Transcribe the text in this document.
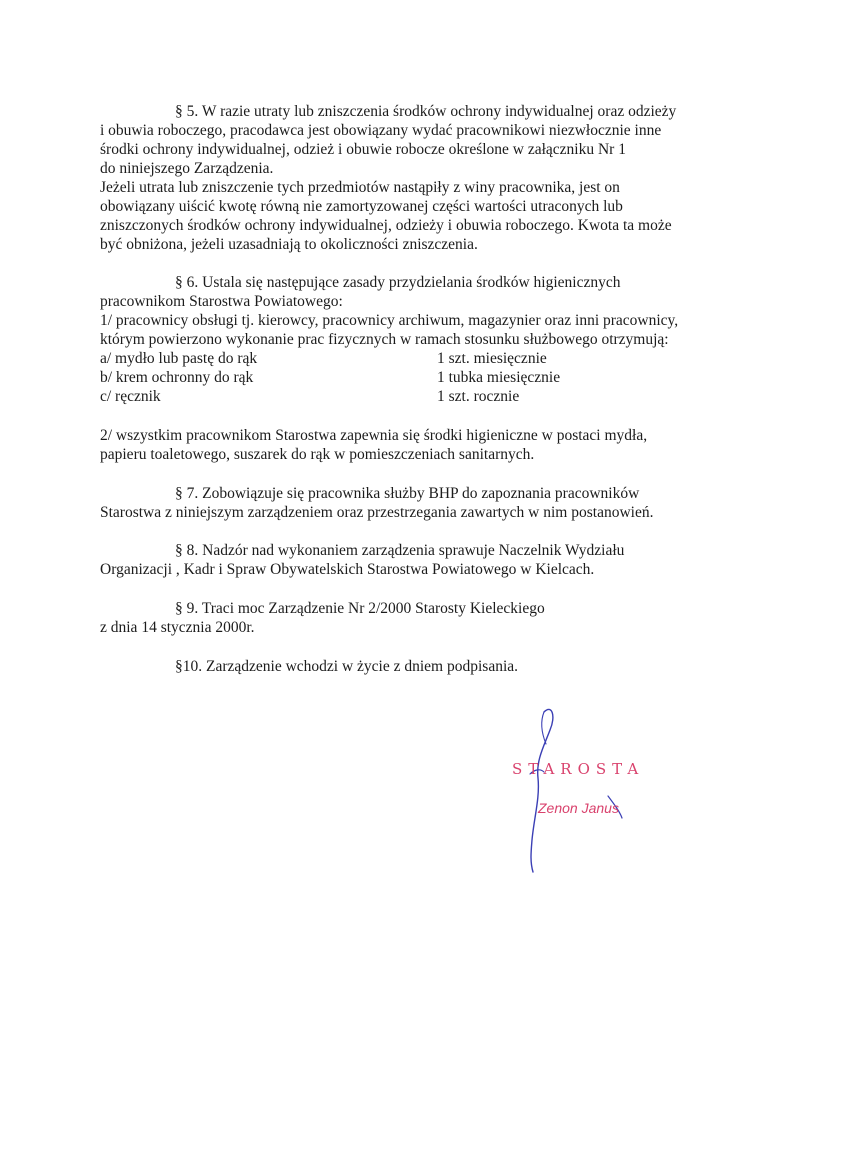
§ 5. W razie utraty lub zniszczenia środków ochrony indywidualnej oraz odzieży
i obuwia roboczego, pracodawca jest obowiązany wydać pracownikowi niezwłocznie inne
środki ochrony indywidualnej, odzież i obuwie robocze określone w załączniku Nr 1
do niniejszego Zarządzenia.
Jeżeli utrata lub zniszczenie tych przedmiotów nastąpiły z winy pracownika, jest on
obowiązany uiścić kwotę równą nie zamortyzowanej części wartości utraconych lub
zniszczonych środków ochrony indywidualnej, odzieży i obuwia roboczego. Kwota ta może
być obniżona, jeżeli uzasadniają to okoliczności zniszczenia.
§ 6. Ustala się następujące zasady przydzielania środków higienicznych
pracownikom Starostwa Powiatowego:
1/ pracownicy obsługi tj. kierowcy, pracownicy archiwum, magazynier oraz inni pracownicy,
którym powierzono wykonanie prac fizycznych w ramach stosunku służbowego otrzymują:
a/ mydło lub pastę do rąk	1 szt. miesięcznie
b/ krem ochronny do rąk	1 tubka miesięcznie
c/ ręcznik	1 szt. rocznie
2/ wszystkim pracownikom Starostwa zapewnia się środki higieniczne w postaci mydła,
papieru toaletowego, suszarek do rąk w pomieszczeniach sanitarnych.
§ 7. Zobowiązuje się pracownika służby BHP do zapoznania pracowników
Starostwa z niniejszym zarządzeniem oraz przestrzegania zawartych w nim postanowień.
§ 8. Nadzór nad wykonaniem zarządzenia sprawuje Naczelnik Wydziału
Organizacji , Kadr i Spraw Obywatelskich Starostwa Powiatowego w Kielcach.
§ 9. Traci moc Zarządzenie Nr 2/2000 Starosty Kieleckiego
z dnia 14 stycznia 2000r.
§10. Zarządzenie wchodzi w życie z dniem podpisania.
STAROSTA
Zenon Janus
